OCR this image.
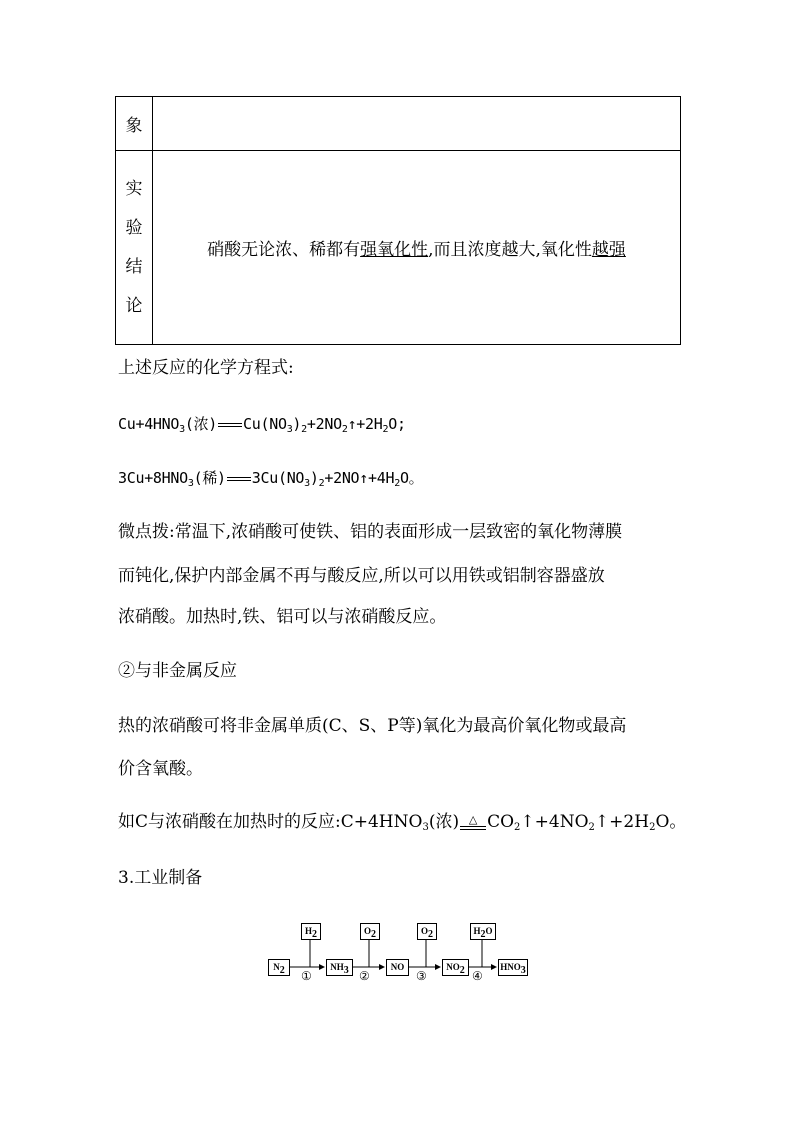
象	

实
验
结
论	硝酸无论浓、稀都有强氧化性,而且浓度越大,氧化性越强
上述反应的化学方程式:
$Cu+4HNO_3$(浓) $Cu(NO_3)_2+2NO_2↑+2H_2O$;
$3Cu+8HNO_3$(稀) $3Cu(NO_3)_2+2NO↑+4H_2O$。
微点拨:常温下,浓硝酸可使铁、铝的表面形成一层致密的氧化物薄膜
而钝化,保护内部金属不再与酸反应,所以可以用铁或铝制容器盛放
浓硝酸。加热时,铁、铝可以与浓硝酸反应。
②与非金属反应
热的浓硝酸可将非金属单质(C、S、P等)氧化为最高价氧化物或最高
价含氧酸。
如C与浓硝酸在加热时的反应$:C+4HNO_3$(浓) △ $CO_2↑+4NO_2↑+2H_2O$。
3.工业制备
$H_2$	$O_2$	$O_2$	$H_2O$
$N_2$	$NH_3$	NO	$NO_2$	$HNO_3$
①	②	③	④
